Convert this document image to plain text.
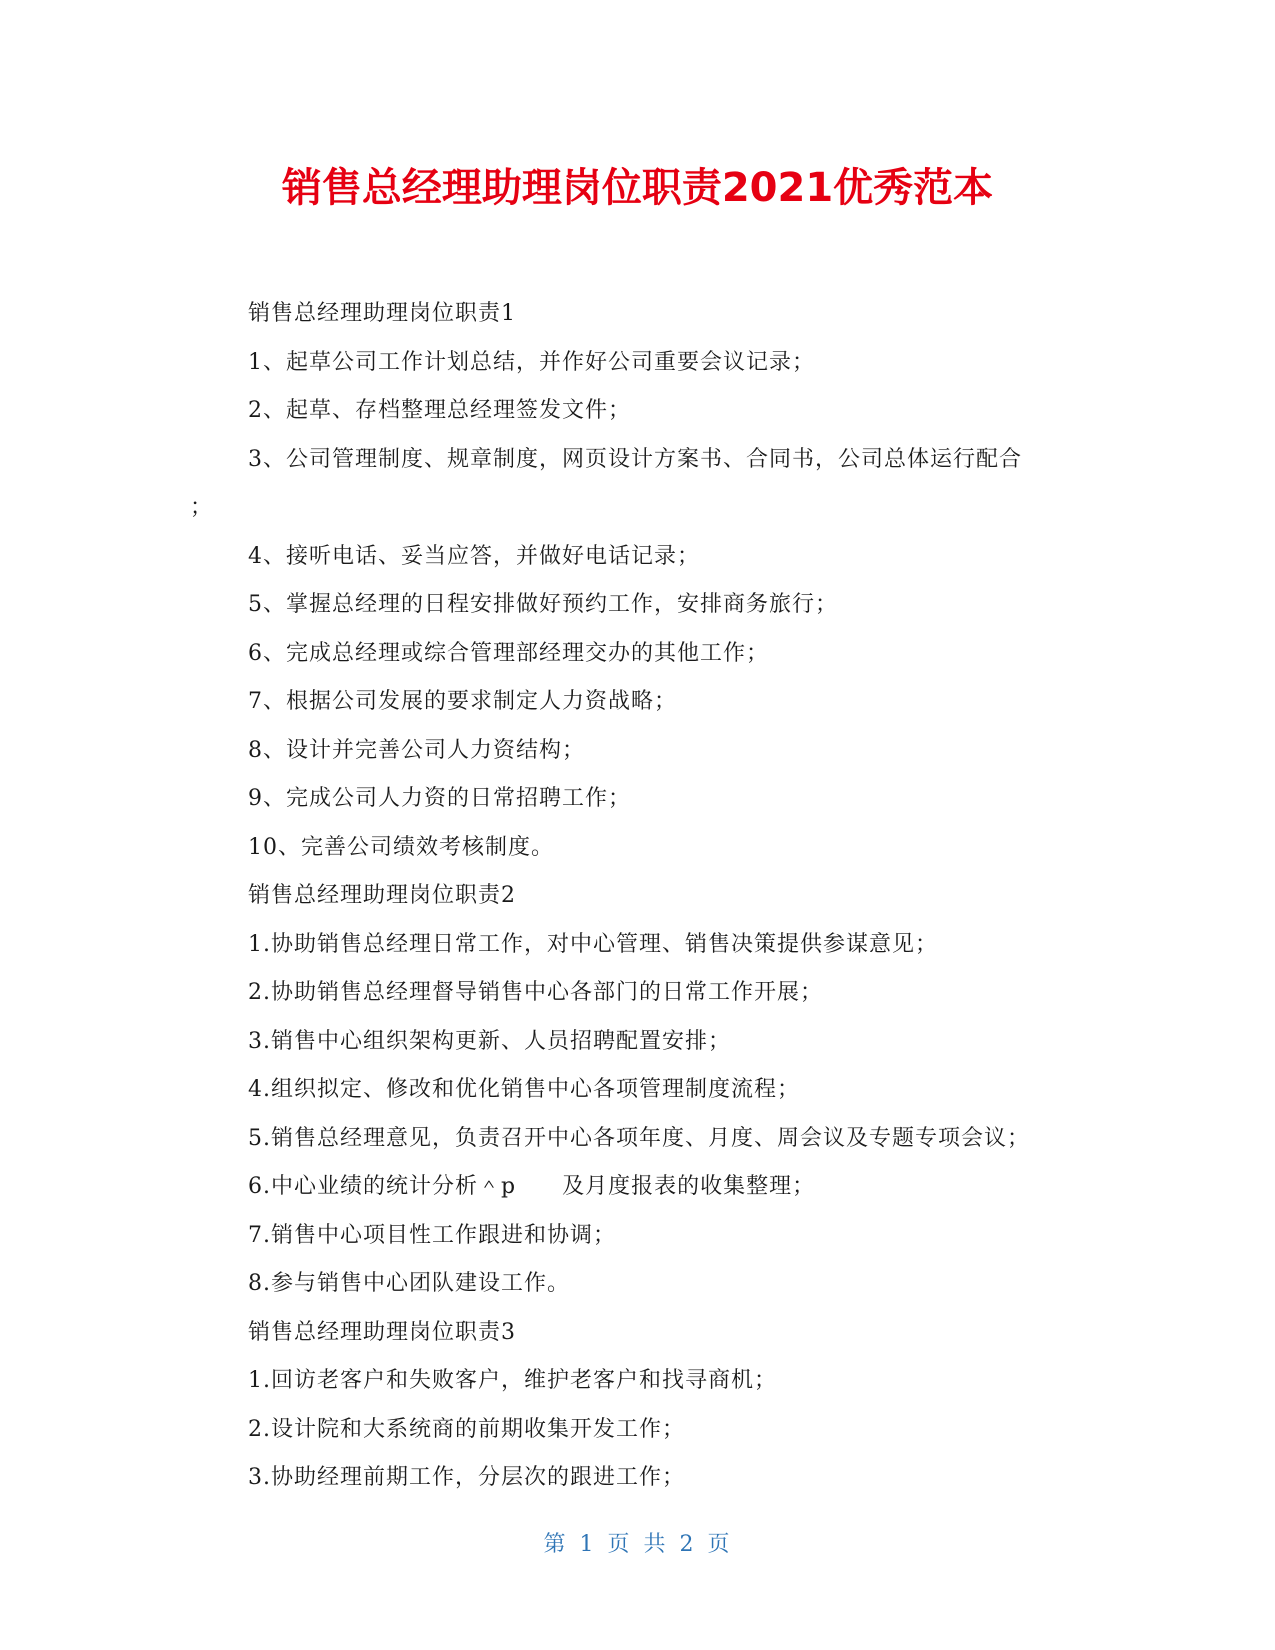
销售总经理助理岗位职责2021优秀范本
销售总经理助理岗位职责1
1、起草公司工作计划总结，并作好公司重要会议记录；
2、起草、存档整理总经理签发文件；
3、公司管理制度、规章制度，网页设计方案书、合同书，公司总体运行配合
；
4、接听电话、妥当应答，并做好电话记录；
5、掌握总经理的日程安排做好预约工作，安排商务旅行；
6、完成总经理或综合管理部经理交办的其他工作；
7、根据公司发展的要求制定人力资战略；
8、设计并完善公司人力资结构；
9、完成公司人力资的日常招聘工作；
10、完善公司绩效考核制度。
销售总经理助理岗位职责2
1.协助销售总经理日常工作，对中心管理、销售决策提供参谋意见；
2.协助销售总经理督导销售中心各部门的日常工作开展；
3.销售中心组织架构更新、人员招聘配置安排；
4.组织拟定、修改和优化销售中心各项管理制度流程；
5.销售总经理意见，负责召开中心各项年度、月度、周会议及专题专项会议；
6.中心业绩的统计分析＾p　　及月度报表的收集整理；
7.销售中心项目性工作跟进和协调；
8.参与销售中心团队建设工作。
销售总经理助理岗位职责3
1.回访老客户和失败客户，维护老客户和找寻商机；
2.设计院和大系统商的前期收集开发工作；
3.协助经理前期工作，分层次的跟进工作；
第 1 页 共 2 页
